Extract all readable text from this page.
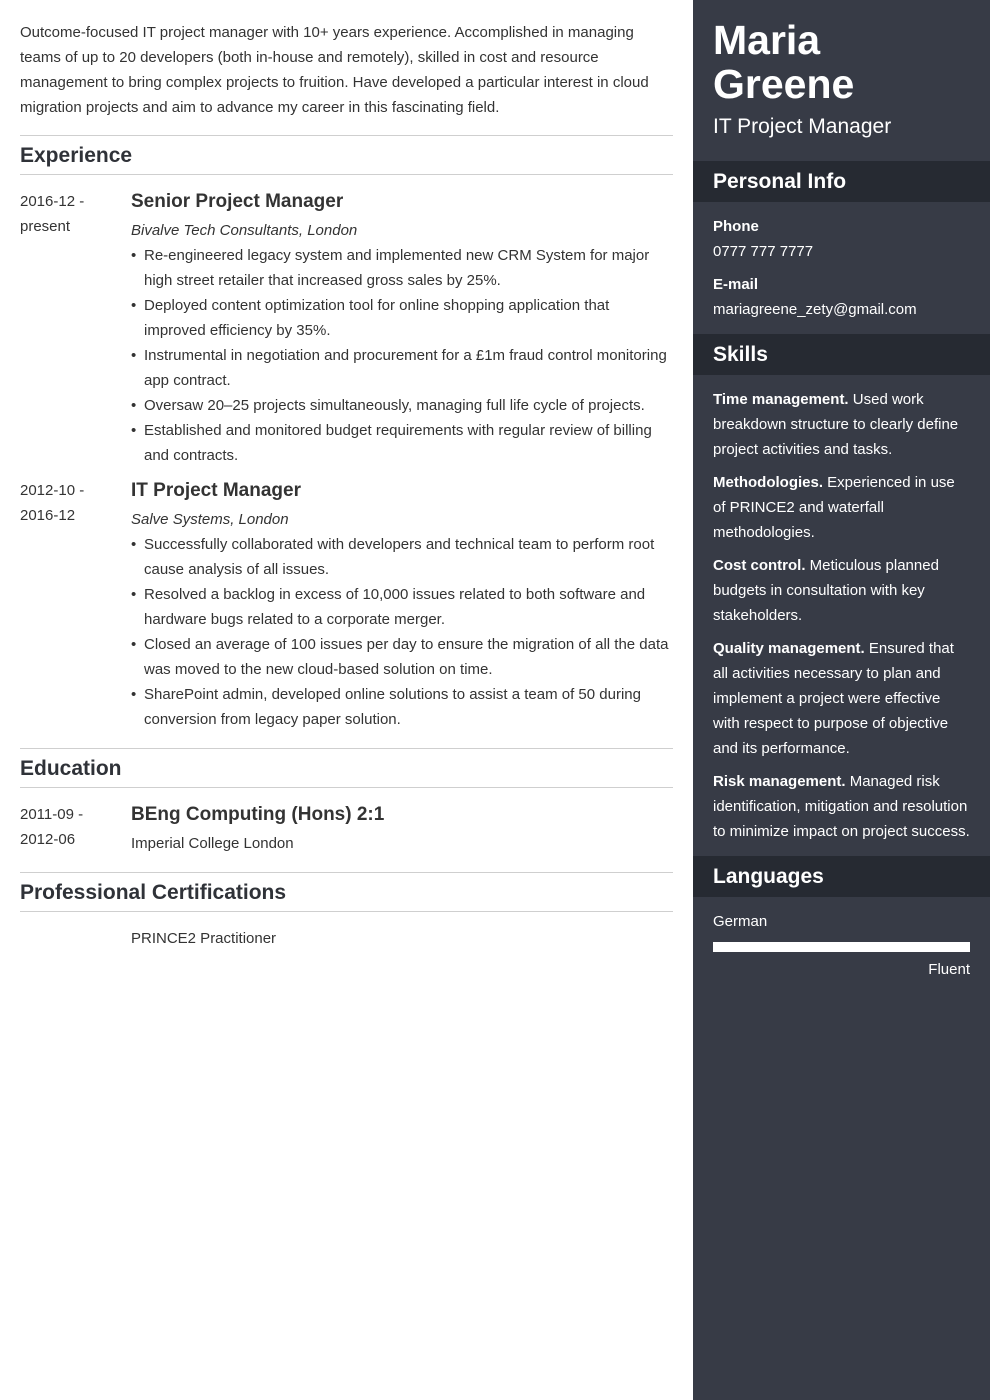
Outcome-focused IT project manager with 10+ years experience. Accomplished in managing teams of up to 20 developers (both in-house and remotely), skilled in cost and resource management to bring complex projects to fruition. Have developed a particular interest in cloud migration projects and aim to advance my career in this fascinating field.

Experience
2016-12 -
present
Senior Project Manager
Bivalve Tech Consultants, London
• Re-engineered legacy system and implemented new CRM System for major high street retailer that increased gross sales by 25%.
• Deployed content optimization tool for online shopping application that improved efficiency by 35%.
• Instrumental in negotiation and procurement for a £1m fraud control monitoring app contract.
• Oversaw 20–25 projects simultaneously, managing full life cycle of projects.
• Established and monitored budget requirements with regular review of billing and contracts.
2012-10 -
2016-12
IT Project Manager
Salve Systems, London
• Successfully collaborated with developers and technical team to perform root cause analysis of all issues.
• Resolved a backlog in excess of 10,000 issues related to both software and hardware bugs related to a corporate merger.
• Closed an average of 100 issues per day to ensure the migration of all the data was moved to the new cloud-based solution on time.
• SharePoint admin, developed online solutions to assist a team of 50 during conversion from legacy paper solution.
Education
2011-09 -
2012-06
BEng Computing (Hons) 2:1
Imperial College London
Professional Certifications
PRINCE2 Practitioner
Maria Greene
IT Project Manager
Personal Info
Phone
0777 777 7777
E-mail
mariagreene_zety@gmail.com
Skills
Time management. Used work breakdown structure to clearly define project activities and tasks.
Methodologies. Experienced in use of PRINCE2 and waterfall methodologies.
Cost control. Meticulous planned budgets in consultation with key stakeholders.
Quality management. Ensured that all activities necessary to plan and implement a project were effective with respect to purpose of objective and its performance.
Risk management. Managed risk identification, mitigation and resolution to minimize impact on project success.
Languages
German
Fluent
